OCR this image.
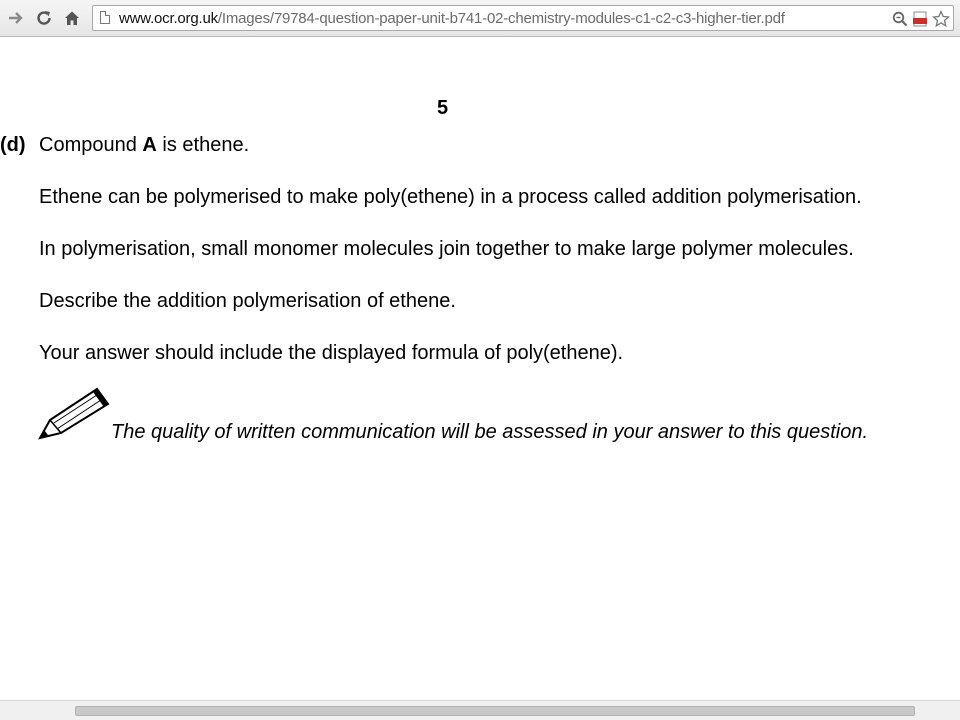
www.ocr.org.uk/Images/79784-question-paper-unit-b741-02-chemistry-modules-c1-c2-c3-higher-tier.pdf
5
(d) Compound A is ethene.
Ethene can be polymerised to make poly(ethene) in a process called addition polymerisation.
In polymerisation, small monomer molecules join together to make large polymer molecules.
Describe the addition polymerisation of ethene.
Your answer should include the displayed formula of poly(ethene).
The quality of written communication will be assessed in your answer to this question.
